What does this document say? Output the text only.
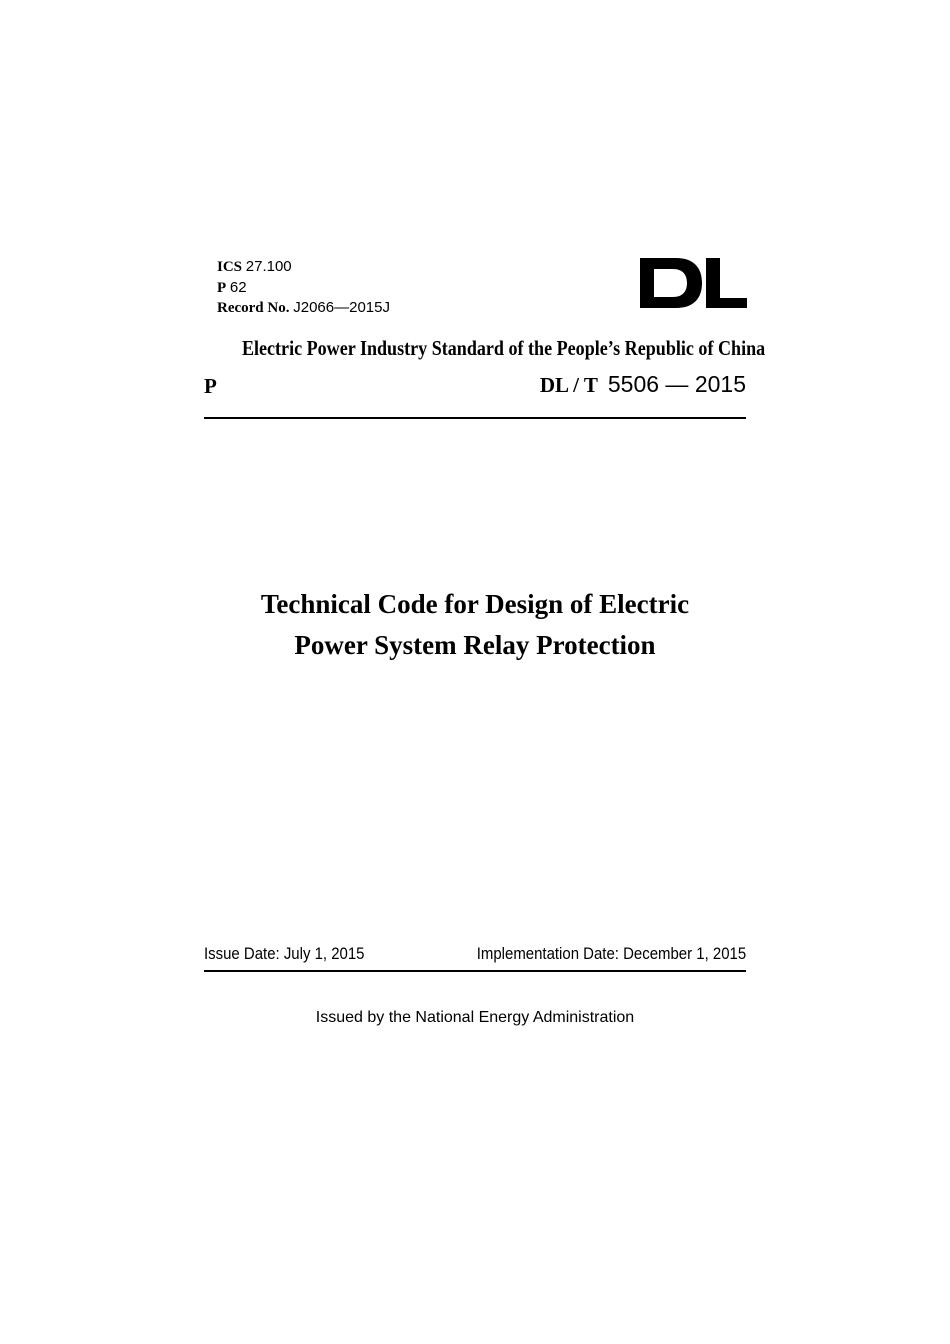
ICS 27.100
P 62
Record No. J2066—2015J
Electric Power Industry Standard of the People’s Republic of China
P	DL / T 5506 — 2015
Technical Code for Design of Electric
Power System Relay Protection
Issue Date: July 1, 2015	Implementation Date: December 1, 2015
Issued by the National Energy Administration
